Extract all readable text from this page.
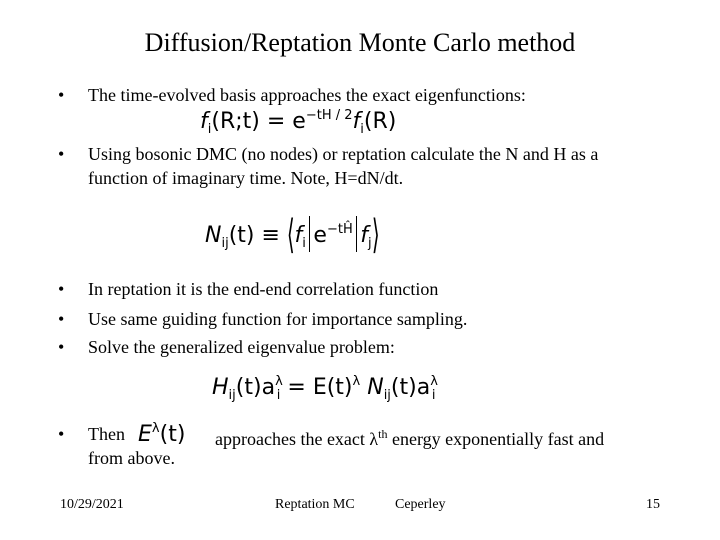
Diffusion/Reptation Monte Carlo method
• The time-evolved basis approaches the exact eigenfunctions:
$f_i(R;t) = e^{-tH / 2}f_i(R)$
• Using bosonic DMC (no nodes) or reptation calculate the N and H as a
function of imaginary time. Note, H=dN/dt.
$N_{ij}(t)$ ≡ $⟨f_i$ $e^{-tĤ}$ $f_j⟩$
• In reptation it is the end-end correlation function
• Use same guiding function for importance sampling.
• Solve the generalized eigenvalue problem:
$H_{ij}(t)a^\lambda_i = E(t)^\lambda$ $N_{ij}(t)a^\lambda_i$
• Then $E^\lambda(t)$ approaches the exact $\lambda^{th}$ energy exponentially fast and
from above.
10/29/2021	Reptation MC	Ceperley	15
